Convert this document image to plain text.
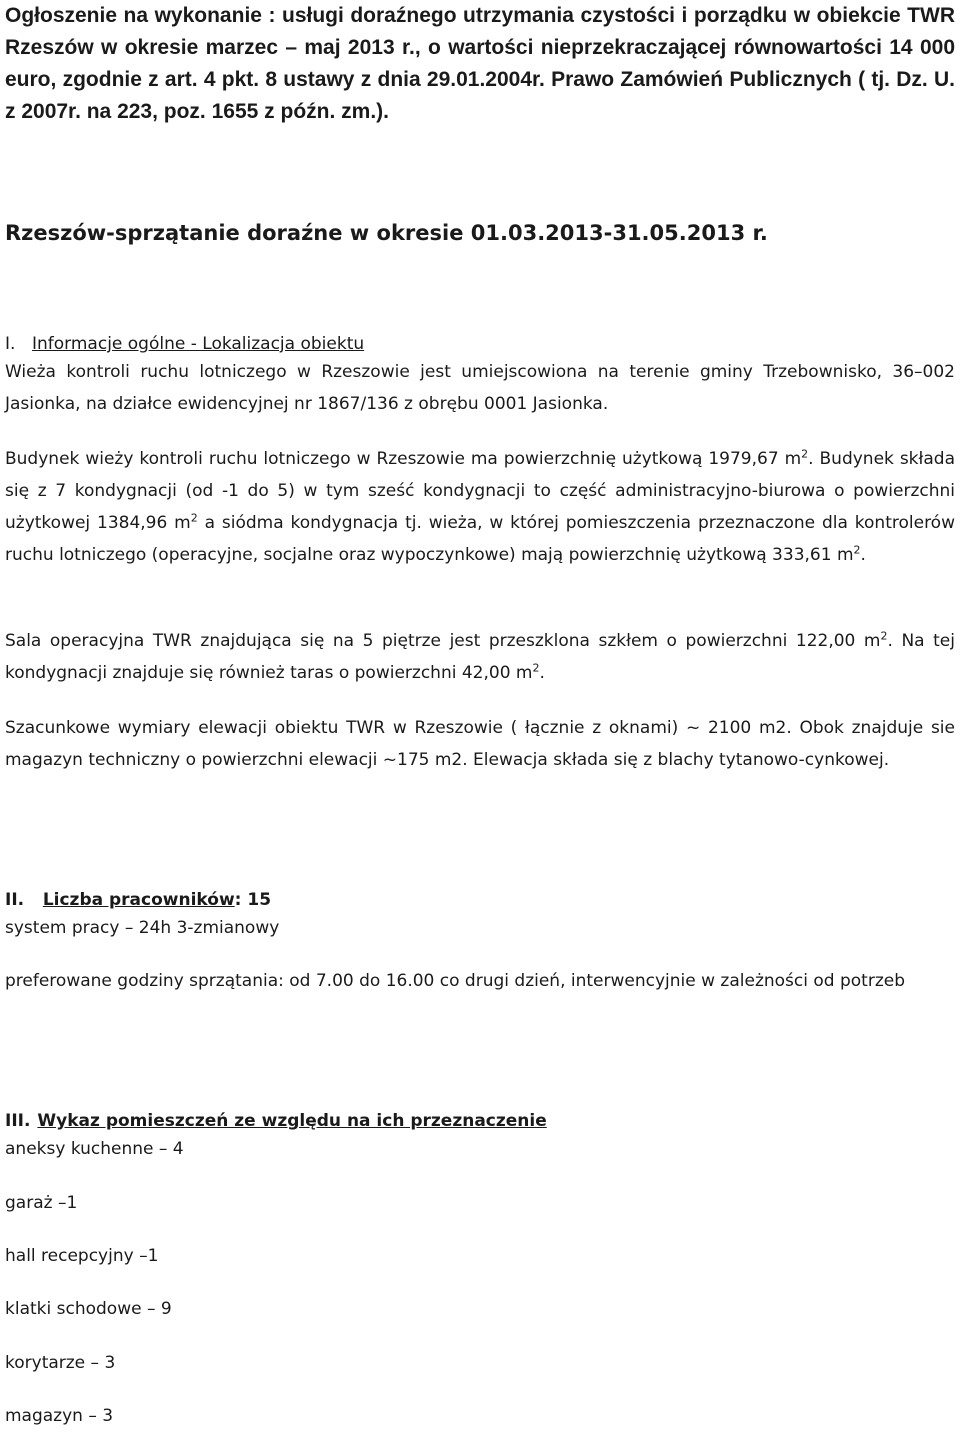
Ogłoszenie na wykonanie : usługi doraźnego utrzymania czystości i porządku w obiekcie TWR Rzeszów w okresie marzec – maj 2013 r., o wartości nieprzekraczającej równowartości 14 000 euro, zgodnie z art. 4 pkt. 8 ustawy z dnia 29.01.2004r. Prawo Zamówień Publicznych ( tj. Dz. U. z 2007r. na 223, poz. 1655 z późn. zm.).
Rzeszów-sprzątanie doraźne w okresie 01.03.2013-31.05.2013 r.
I. Informacje ogólne - Lokalizacja obiektu
Wieża kontroli ruchu lotniczego w Rzeszowie jest umiejscowiona na terenie gminy Trzebownisko, 36–002 Jasionka, na działce ewidencyjnej nr 1867/136 z obrębu 0001 Jasionka.
Budynek wieży kontroli ruchu lotniczego w Rzeszowie ma powierzchnię użytkową 1979,67 $m^2$. Budynek składa się z 7 kondygnacji (od -1 do 5) w tym sześć kondygnacji to część administracyjno-biurowa o powierzchni użytkowej 1384,96 $m^2$ a siódma kondygnacja tj. wieża, w której pomieszczenia przeznaczone dla kontrolerów ruchu lotniczego (operacyjne, socjalne oraz wypoczynkowe) mają powierzchnię użytkową 333,61 $m^2$.
Sala operacyjna TWR znajdująca się na 5 piętrze jest przeszklona szkłem o powierzchni 122,00 $m^2$. Na tej kondygnacji znajduje się również taras o powierzchni 42,00 $m^2$.
Szacunkowe wymiary elewacji obiektu TWR w Rzeszowie ( łącznie z oknami) ~ 2100 m2. Obok znajduje sie magazyn techniczny o powierzchni elewacji ~175 m2. Elewacja składa się z blachy tytanowo-cynkowej.
II. Liczba pracowników: 15
system pracy – 24h 3-zmianowy
preferowane godziny sprzątania: od 7.00 do 16.00 co drugi dzień, interwencyjnie w zależności od potrzeb
III. Wykaz pomieszczeń ze względu na ich przeznaczenie
aneksy kuchenne – 4
garaż –1
hall recepcyjny –1
klatki schodowe – 9
korytarze – 3
magazyn – 3
